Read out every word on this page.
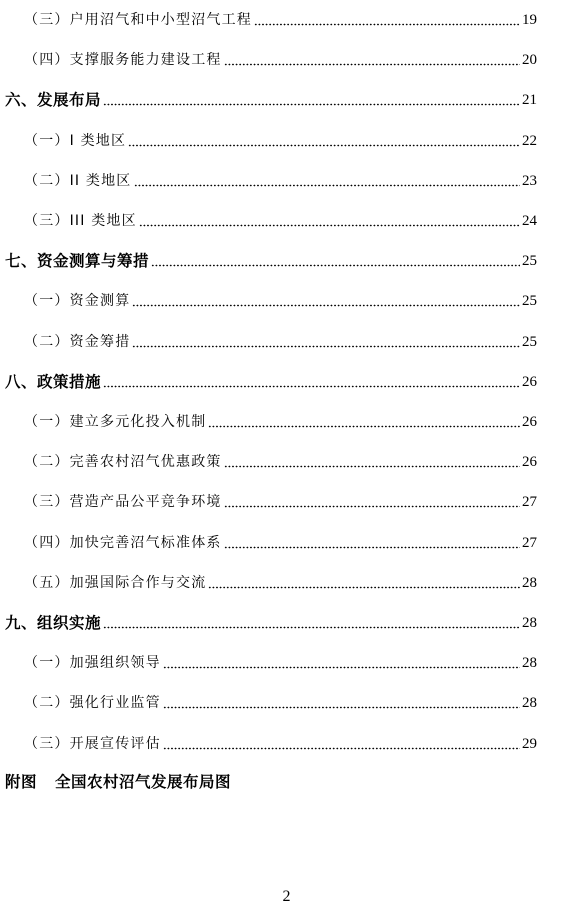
（三）户用沼气和中小型沼气工程	19
（四）支撑服务能力建设工程	20
六、发展布局	21
（一）I 类地区	22
（二）II 类地区	23
（三）III 类地区	24
七、资金测算与筹措	25
（一）资金测算	25
（二）资金筹措	25
八、政策措施	26
（一）建立多元化投入机制	26
（二）完善农村沼气优惠政策	26
（三）营造产品公平竞争环境	27
（四）加快完善沼气标准体系	27
（五）加强国际合作与交流	28
九、组织实施	28
（一）加强组织领导	28
（二）强化行业监管	28
（三）开展宣传评估	29
附图 全国农村沼气发展布局图
2
